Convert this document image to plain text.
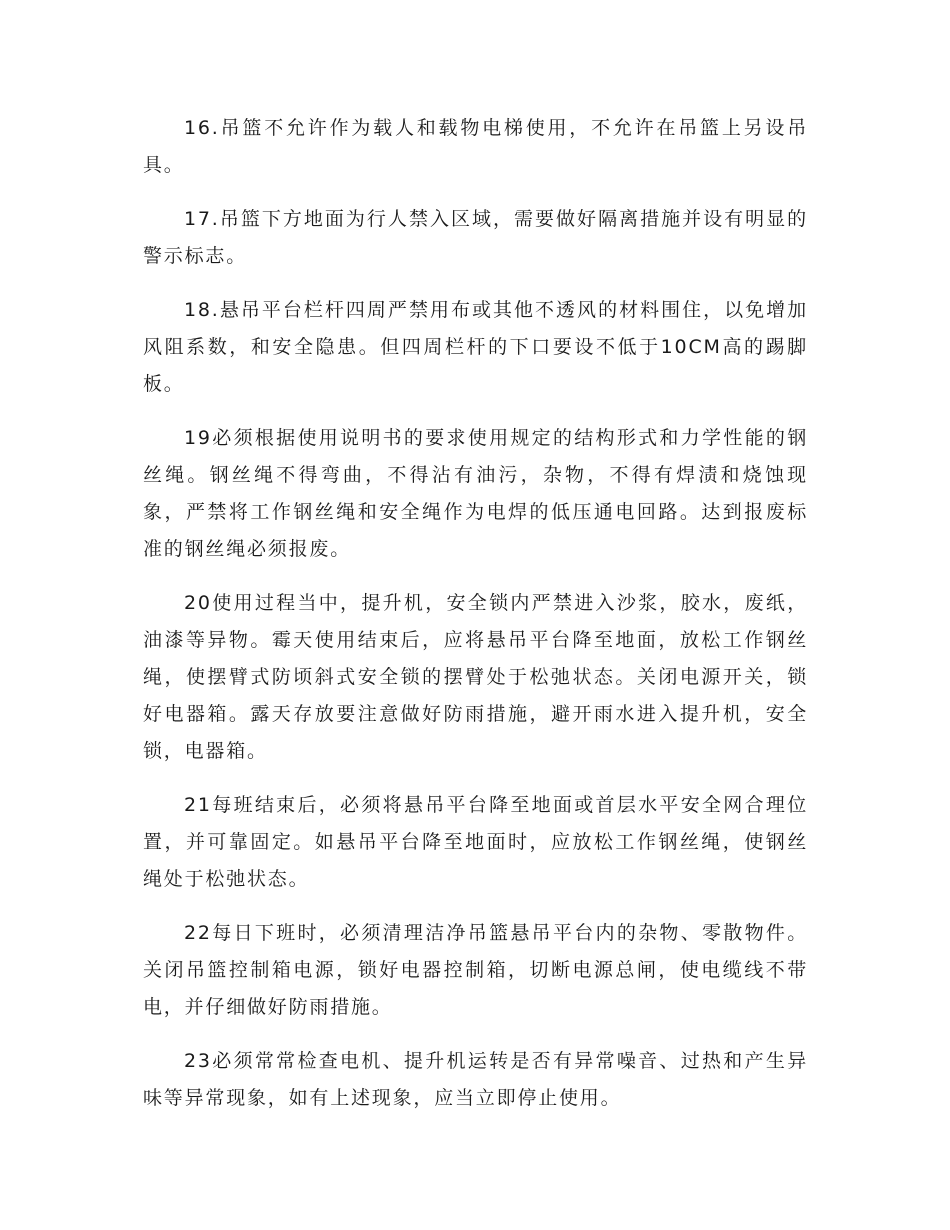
16.吊篮不允许作为载人和载物电梯使用，不允许在吊篮上另设吊具。

17.吊篮下方地面为行人禁入区域，需要做好隔离措施并设有明显的警示标志。

18.悬吊平台栏杆四周严禁用布或其他不透风的材料围住，以免增加风阻系数，和安全隐患。但四周栏杆的下口要设不低于10CM高的踢脚板。

19必须根据使用说明书的要求使用规定的结构形式和力学性能的钢丝绳。钢丝绳不得弯曲，不得沾有油污，杂物，不得有焊渍和烧蚀现象，严禁将工作钢丝绳和安全绳作为电焊的低压通电回路。达到报废标准的钢丝绳必须报废。

20使用过程当中，提升机，安全锁内严禁进入沙浆，胶水，废纸，油漆等异物。霉天使用结束后，应将悬吊平台降至地面，放松工作钢丝绳，使摆臂式防顷斜式安全锁的摆臂处于松弛状态。关闭电源开关，锁好电器箱。露天存放要注意做好防雨措施，避开雨水进入提升机，安全锁，电器箱。

21每班结束后，必须将悬吊平台降至地面或首层水平安全网合理位置，并可靠固定。如悬吊平台降至地面时，应放松工作钢丝绳，使钢丝绳处于松弛状态。

22每日下班时，必须清理洁净吊篮悬吊平台内的杂物、零散物件。关闭吊篮控制箱电源，锁好电器控制箱，切断电源总闸，使电缆线不带电，并仔细做好防雨措施。

23必须常常检查电机、提升机运转是否有异常噪音、过热和产生异味等异常现象，如有上述现象，应当立即停止使用。
